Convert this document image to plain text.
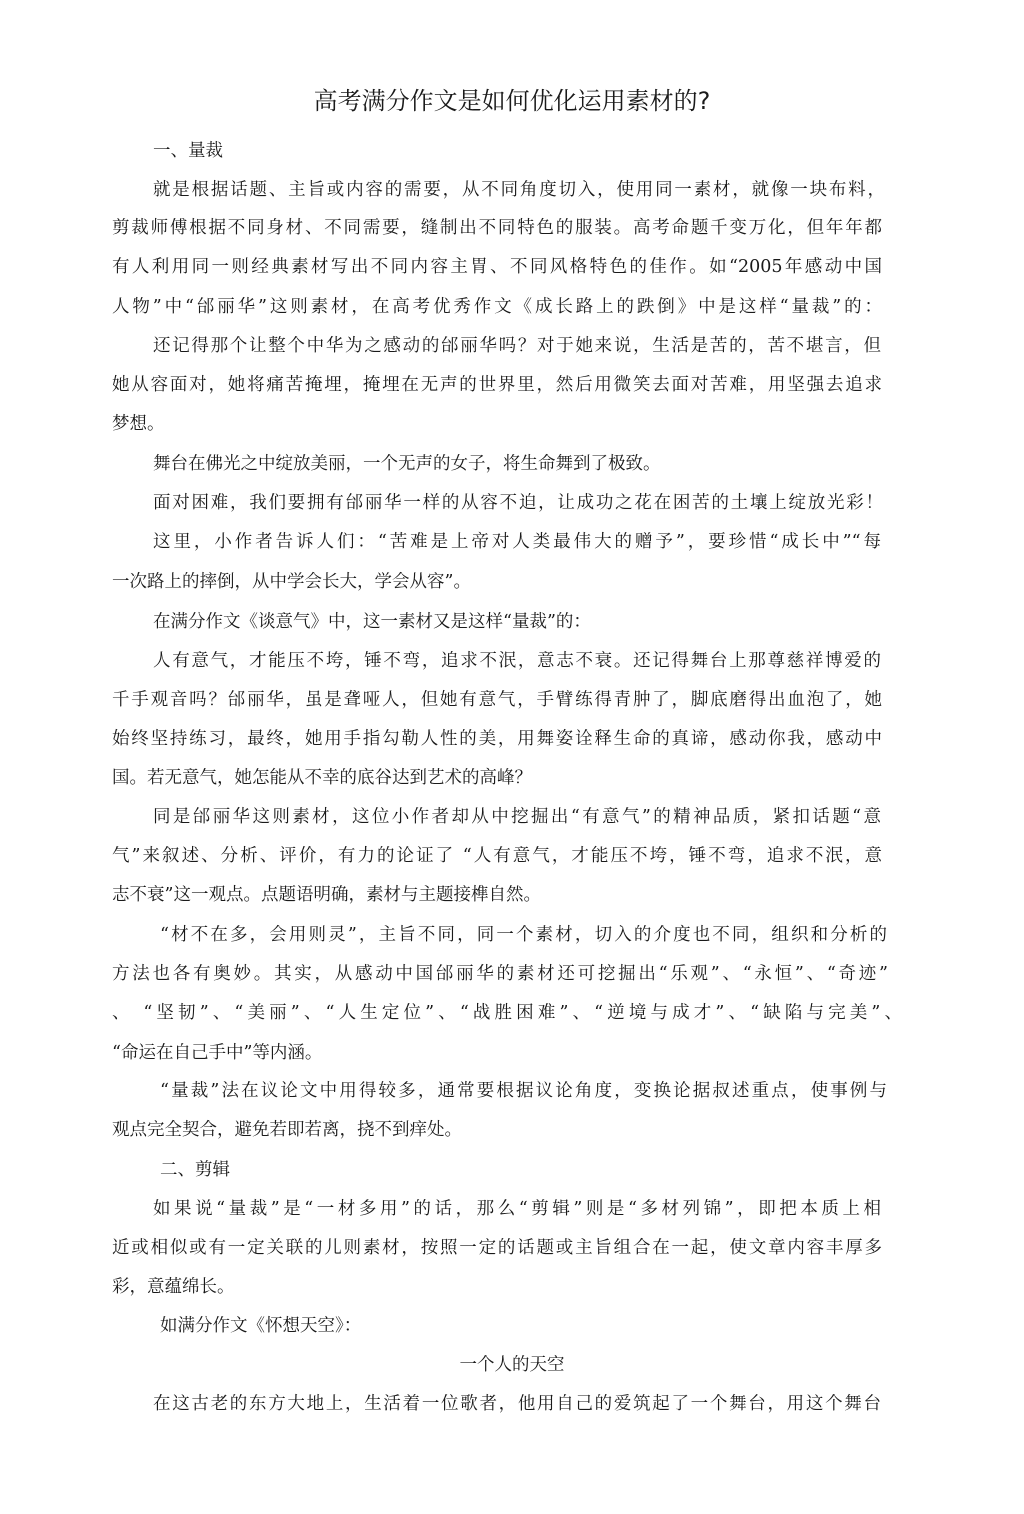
高考满分作文是如何优化运用素材的?
一、量裁
就是根据话题、主旨或内容的需要，从不同角度切入，使用同一素材，就像一块布料，
剪裁师傅根据不同身材、不同需要，缝制出不同特色的服装。高考命题千变万化，但年年都
有人利用同一则经典素材写出不同内容主胃、不同风格特色的佳作。如“2005年感动中国
人物”中“邰丽华”这则素材，在高考优秀作文《成长路上的跌倒》中是这样“量裁”的：
还记得那个让整个中华为之感动的邰丽华吗？对于她来说，生活是苦的，苦不堪言，但
她从容面对，她将痛苦掩埋，掩埋在无声的世界里，然后用微笑去面对苦难，用坚强去追求
梦想。
舞台在佛光之中绽放美丽，一个无声的女子，将生命舞到了极致。
面对困难，我们要拥有邰丽华一样的从容不迫，让成功之花在困苦的土壤上绽放光彩！
这里，小作者告诉人们：“苦难是上帝对人类最伟大的赠予”，要珍惜“成长中”“每
一次路上的摔倒，从中学会长大，学会从容”。
在满分作文《谈意气》中，这一素材又是这样“量裁”的：
人有意气，才能压不垮，锤不弯，追求不泯，意志不衰。还记得舞台上那尊慈祥博爱的
千手观音吗？邰丽华，虽是聋哑人，但她有意气，手臂练得青肿了，脚底磨得出血泡了，她
始终坚持练习，最终，她用手指勾勒人性的美，用舞姿诠释生命的真谛，感动你我，感动中
国。若无意气，她怎能从不幸的底谷达到艺术的高峰？
同是邰丽华这则素材，这位小作者却从中挖掘出“有意气”的精神品质，紧扣话题“意
气”来叙述、分析、评价，有力的论证了 “人有意气，才能压不垮，锤不弯，追求不泯，意
志不衰”这一观点。点题语明确，素材与主题接榫自然。
“材不在多，会用则灵”，主旨不同，同一个素材，切入的介度也不同，组织和分析的
方法也各有奥妙。其实，从感动中国邰丽华的素材还可挖掘出“乐观”、“永恒”、“奇迹”
、 “坚韧”、“美丽”、“人生定位”、“战胜困难”、“逆境与成才”、“缺陷与完美”、
“命运在自己手中”等内涵。
“量裁”法在议论文中用得较多，通常要根据议论角度，变换论据叔述重点，使事例与
观点完全契合，避免若即若离，挠不到痒处。
二、剪辑
如果说“量裁”是“一材多用”的话，那么“剪辑”则是“多材列锦”，即把本质上相
近或相似或有一定关联的儿则素材，按照一定的话题或主旨组合在一起，使文章内容丰厚多
彩，意蕴绵长。
如满分作文《怀想天空》：
一个人的天空
在这古老的东方大地上，生活着一位歌者，他用自己的爱筑起了一个舞台，用这个舞台
